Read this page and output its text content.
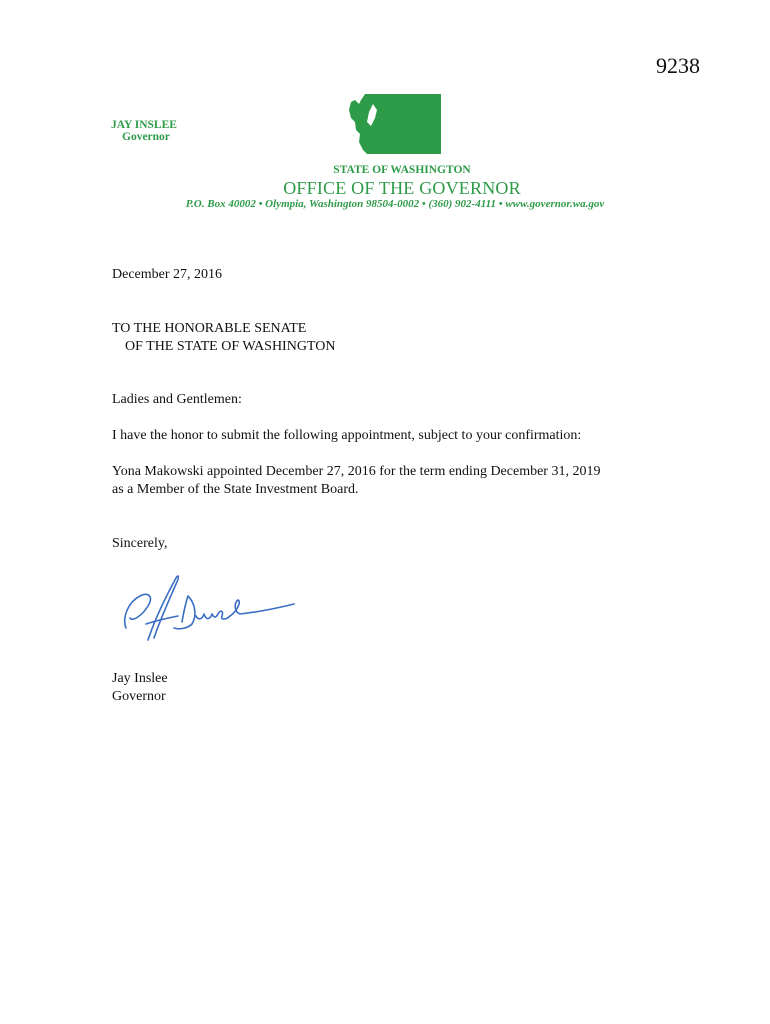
9238
JAY INSLEE
Governor
STATE OF WASHINGTON
OFFICE OF THE GOVERNOR
P.O. Box 40002 • Olympia, Washington 98504-0002 • (360) 902-4111 • www.governor.wa.gov
December 27, 2016
TO THE HONORABLE SENATE
OF THE STATE OF WASHINGTON
Ladies and Gentlemen:
I have the honor to submit the following appointment, subject to your confirmation:
Yona Makowski appointed December 27, 2016 for the term ending December 31, 2019
as a Member of the State Investment Board.
Sincerely,
Jay Inslee
Governor
